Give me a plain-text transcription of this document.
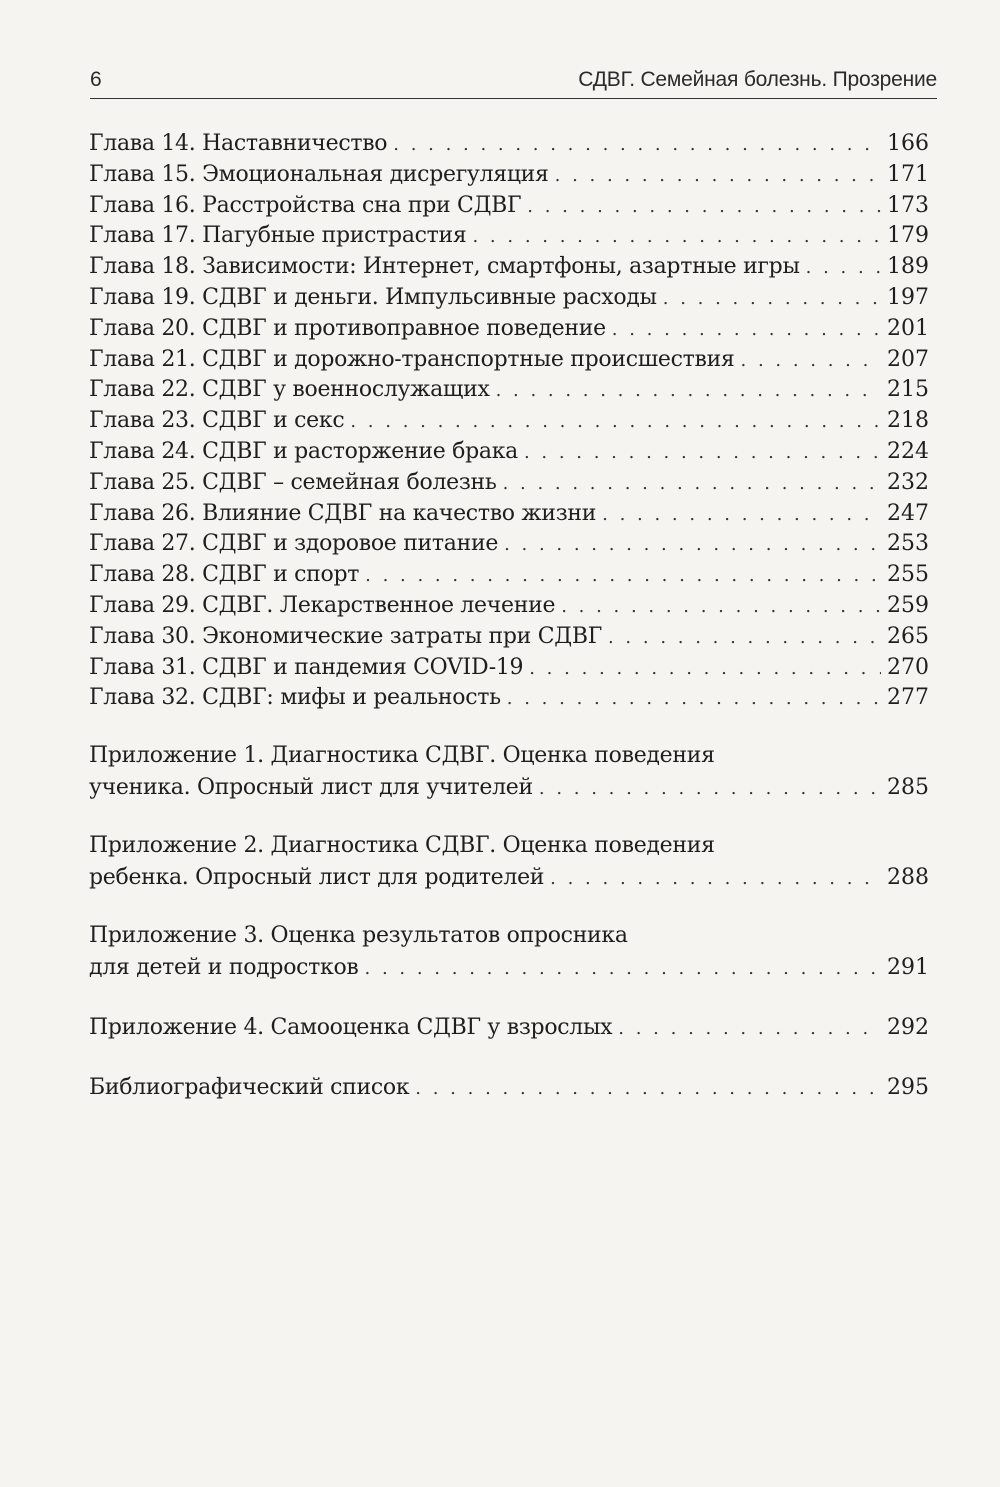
6	СДВГ. Семейная болезнь. Прозрение
Глава 14. Наставничество . . .	166
Глава 15. Эмоциональная дисрегуляция . . .	171
Глава 16. Расстройства сна при СДВГ . . .	173
Глава 17. Пагубные пристрастия . . .	179
Глава 18. Зависимости: Интернет, смартфоны, азартные игры . . .	189
Глава 19. СДВГ и деньги. Импульсивные расходы . . .	197
Глава 20. СДВГ и противоправное поведение . . .	201
Глава 21. СДВГ и дорожно-транспортные происшествия . . .	207
Глава 22. СДВГ у военнослужащих . . .	215
Глава 23. СДВГ и секс . . .	218
Глава 24. СДВГ и расторжение брака . . .	224
Глава 25. СДВГ – семейная болезнь . . .	232
Глава 26. Влияние СДВГ на качество жизни . . .	247
Глава 27. СДВГ и здоровое питание . . .	253
Глава 28. СДВГ и спорт . . .	255
Глава 29. СДВГ. Лекарственное лечение . . .	259
Глава 30. Экономические затраты при СДВГ . . .	265
Глава 31. СДВГ и пандемия COVID-19 . . .	270
Глава 32. СДВГ: мифы и реальность . . .	277
Приложение 1. Диагностика СДВГ. Оценка поведения
ученика. Опросный лист для учителей . . .	285
Приложение 2. Диагностика СДВГ. Оценка поведения
ребенка. Опросный лист для родителей . . .	288
Приложение 3. Оценка результатов опросника
для детей и подростков . . .	291
Приложение 4. Самооценка СДВГ у взрослых . . .	292
Библиографический список . . .	295
